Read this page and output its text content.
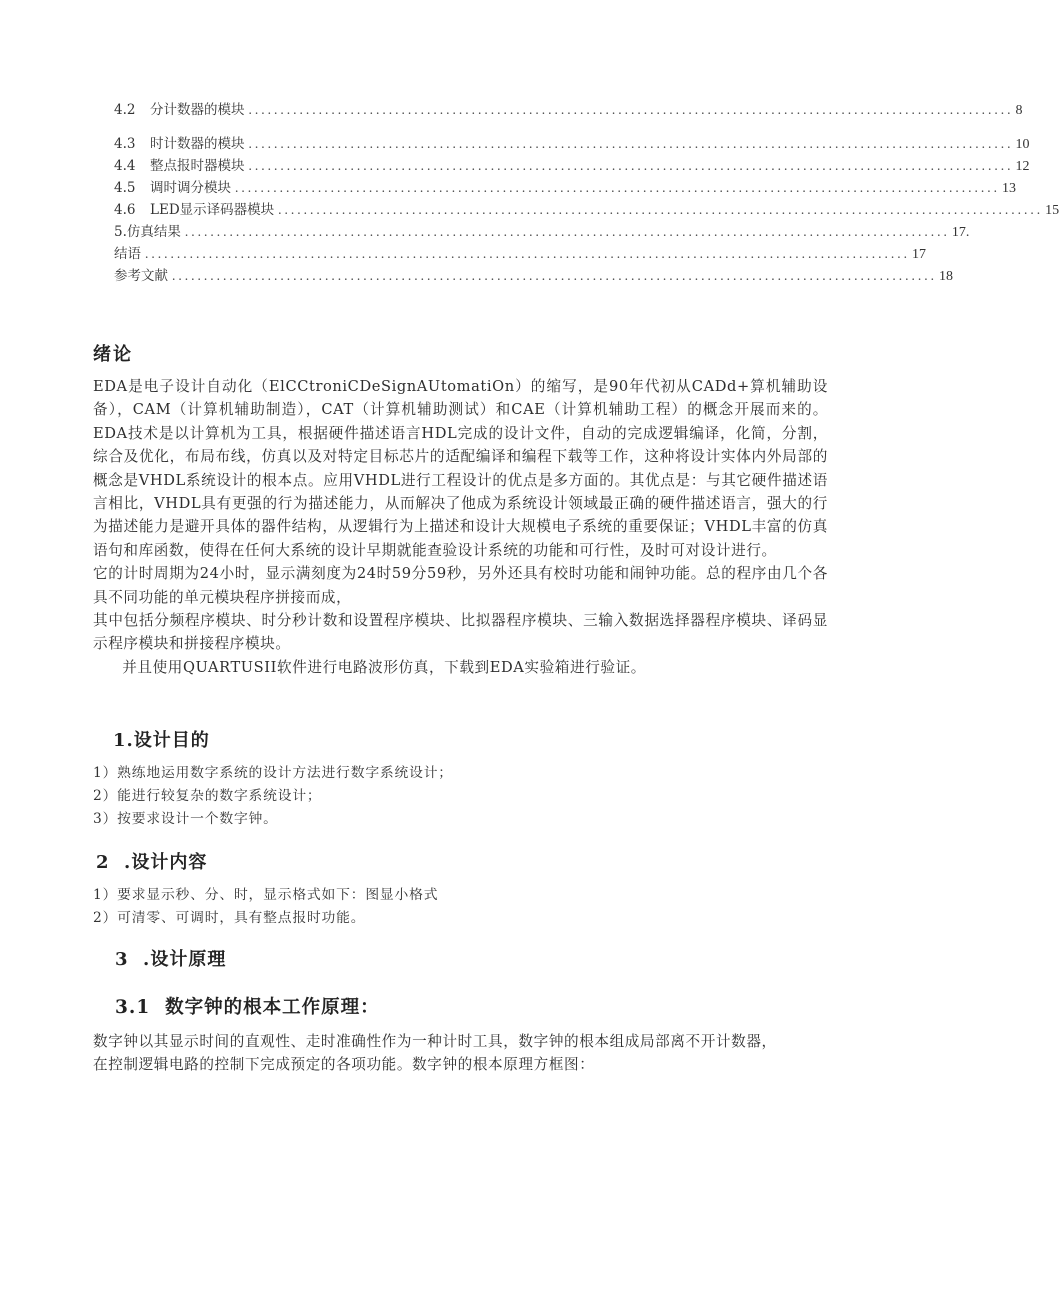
4.2 分计数器的模块 ........................................................................................................................ 8
4.3 时计数器的模块 ........................................................................................................................ 10
4.4 整点报时器模块 ........................................................................................................................ 12
4.5 调时调分模块 ........................................................................................................................ 13
4.6 LED显示译码器模块 ........................................................................................................................ 15
5.仿真结果 ........................................................................................................................ 17.
结语 ........................................................................................................................ 17
参考文献 ........................................................................................................................ 18
绪论

EDA是电子设计自动化（ElCCtroniCDeSignAUtomatiOn）的缩写，是90年代初从CADd+算机辅助设备），CAM（计算机辅助制造），CAT（计算机辅助测试）和CAE（计算机辅助工程）的概念开展而来的。EDA技术是以计算机为工具，根据硬件描述语言HDL完成的设计文件，自动的完成逻辑编译，化简，分割，综合及优化，布局布线，仿真以及对特定目标芯片的适配编译和编程下载等工作，这种将设计实体内外局部的概念是VHDL系统设计的根本点。应用VHDL进行工程设计的优点是多方面的。其优点是：与其它硬件描述语言相比，VHDL具有更强的行为描述能力，从而解决了他成为系统设计领域最正确的硬件描述语言，强大的行为描述能力是避开具体的器件结构，从逻辑行为上描述和设计大规模电子系统的重要保证；VHDL丰富的仿真语句和库函数，使得在任何大系统的设计早期就能查验设计系统的功能和可行性，及时可对设计进行。

它的计时周期为24小时，显示满刻度为24时59分59秒，另外还具有校时功能和闹钟功能。总的程序由几个各具不同功能的单元模块程序拼接而成，

其中包括分频程序模块、时分秒计数和设置程序模块、比拟器程序模块、三输入数据选择器程序模块、译码显示程序模块和拼接程序模块。

并且使用QUARTUSII软件进行电路波形仿真，下载到EDA实验箱进行验证。

1.设计目的
1）熟练地运用数字系统的设计方法进行数字系统设计；
2）能进行较复杂的数字系统设计；
3）按要求设计一个数字钟。
2  .设计内容
1）要求显示秒、分、时，显示格式如下：图显小格式
2）可清零、可调时，具有整点报时功能。
3  .设计原理
3.1  数字钟的根本工作原理：

数字钟以其显示时间的直观性、走时准确性作为一种计时工具，数字钟的根本组成局部离不开计数器，

在控制逻辑电路的控制下完成预定的各项功能。数字钟的根本原理方框图：
